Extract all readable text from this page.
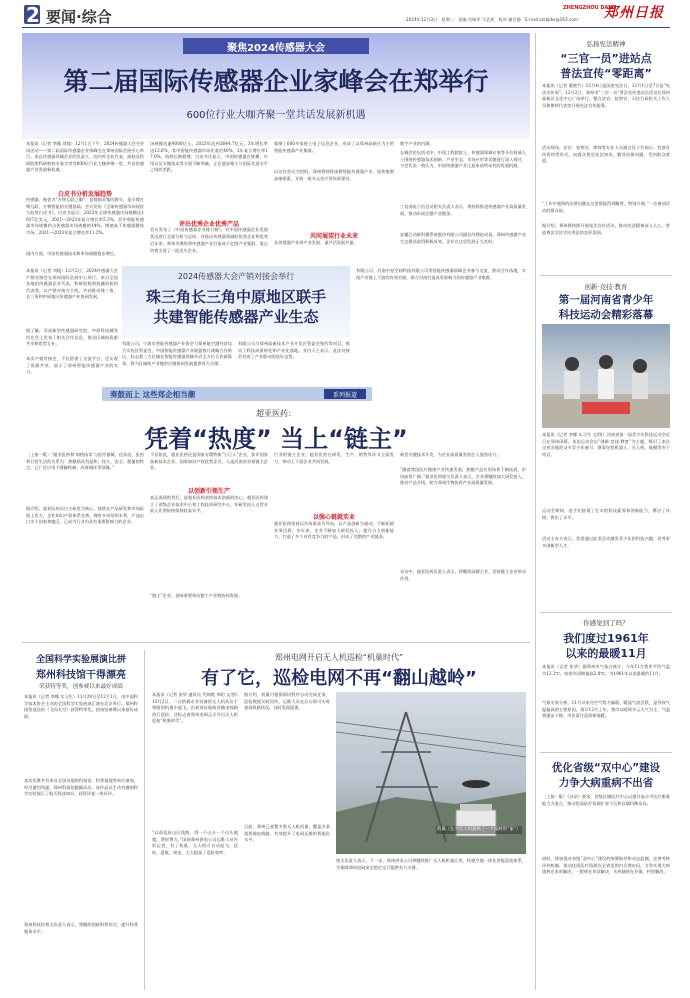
2 要闻·综合	ZHENGZHOU DAILY
郑州日报
2024年12月3日　星期二　责编 肖瑞华 马艺欢　校对 谢会静　E-mail:zzrbjlbs@163.com
聚焦2024传感器大会
第二届国际传感器企业家峰会在郑举行
600位行业大咖齐聚一堂共话发展新机遇
本报讯（记者 李娜 刘地）12月1日下午，2024传感器大会分会场活动——第二届国际传感器企业家峰会在郑州国际会展中心举行。来自传感器领域企业的负责人、国内外企业代表、高校及科研院所科研机构专家学者等600位行业大咖齐聚一堂，共话传感器产业发展新机遇。
白皮书分析发展趋势
传感器，被誉为“万物互联之眼”，是数据采集的源头，是支撑万物互联、万物智能的关键基础。会议发布《全球传感器市场现状与趋势白皮书》，白皮书显示，2023年全球传感器市场规模达1937亿美元，2021—2023年复合增长率5.3%，其中智能传感器市场规模约占传感器市场规模的14%，增速高于传感器整体市场，2021—2023年复合增长率11.2%。
国内方面，中国传感器技术和市场规模稳步增长。
场规模达逾4000亿元，2023年达到3644.7亿元，3年增长率达13.6%，其中智能传感器市场比重近40%，3年复合增长率17.0%，持续长期稳增，白皮书还显示，中国传感器在规模、应用以及关键技术等方面不断突破，正在逐步缩小与国际先进水平之间的差距。
评出优秀企业优秀产品
会议发布了《中国传感器企业排行榜》，对中国传感器企业发展状况进行全面分析与总结，评选出传感器领域的优秀企业和优秀
近年来，郑州市聚焦将传感器产业打造成千亿级产业集群，重点培育引进了一批龙头企业。
集聚了600多家规上电子信息企业，形成了以郑州高新区为主的智能传感器产业集群。
以这次会议为契机，郑州将持续深耕智能传感器产业，加快集聚高端要素，开展一批多元化应用场景建设。
共同展望行业未来
从传感器产业到产业发展，谋共话发展共谋。
数字产业的内涵。
在峰会论坛活动中，中国工程院院士、传感器领域专家等多位权威人士围绕传感器技术创新、产业生态、市场应用等话题进行深入探讨，与会代表一致认为，中国传感器产业正迎来前所未有的发展机遇。
工信部电子信息司相关负责人表示，将持续推进传感器产业高质量发展，推动形成完整产业链条。
安徽芯动联科微系统股份有限公司副总经理赵成说，郑州传感器产业生态建设取得积极成效，企业在这里发展正当其时。
本报讯（记者 刘地）12月2日，2024传感器大会产销对接会在郑州国际会展中心举行。来自全国各地的传感器企业代表、科研院校和投融资机构代表等，以产销对接为主线，共同推动珠三角、长三角和中原地区传感器产业协同发展。
据了解，河南新型传感器研究院、中原科技城等均在会上发布了相关合作信息，推动区域间资源共享和优势互补。
本次产销对接会，不仅搭建了交流平台，还实现了资源共享，展示了郑州智能传感器产业的实力。
2024传感器大会产销对接会举行
珠三角长三角中原地区联手
共建智能传感器产业生态
有限公司、宁波市智能传感器产业协会与郑州航空港经济综合实验区管委会、中国智能传感器产业联盟签订战略合作协议，标志着三大区域在智能传感器领域开启全方位合作新篇章，将为区域间产业链供应链协同发展提供有力支撑。
有限公司与郑州高新技术产业开发区管委会签约等项目，推动了科技成果转化和产业化落地。业内人士表示，此次对接会形成了产业联动的良好态势。
有限公司、河南中星空间科技有限公司等智能传感器领域企业参与交流，推动合作落地，实现产业链上下游的有效对接，助力河南打造具有影响力的传感器产业集群。
奏鼓而上 这些郑企相当潮	系列报道
超亚医药：
凭着“热度” 当上“链主”
〔上接一版〕“超亚医药和‘知热技术’与医疗器械，化妆品，医药和日常生活的关系为：热敷贴具有温和、持久、安全、便捷的特点，已广泛应用于缓解疼痛、改善循环等领域。”
据介绍，超亚医药以自主研发为核心，持续在产品研发和市场拓展上发力，企业知识产权体系完善，拥有多项发明专利，产品出口多个国家和地区，已成为行业内具有重要影响力的企业。
不仅如此，超亚医药还是国家专精特新“小巨人”企业，获评国家高新技术企业，国家知识产权优势企业，入选河南省首家链主企业。
以创新引领生产
真正成绩的背后，是超亚医药坚持技术创新的决心。超亚医药建立了省级企业技术中心和工程技术研究中心，年研发投入占营业收入比例始终保持较高水平。
“链主”企业，意味着要带动整个产业链协同发展。
行业的链主企业，超亚医药在研发、生产、销售等环节全面发力，带动上下游企业共同发展。
以强心链就实业
超亚医药坚持以市场需求为导向，以产品创新为驱动，不断拓展业务边界。多年来，企业不断加大研发投入，提升自主创新能力，打造了多个具有竞争力的产品，形成了完整的产业链条。
新型关键技术开发，为企业高质量发展注入强劲动力。
“随着我国医疗健康产业快速发展，热敷产品应用场景不断拓展，市场前景广阔。”超亚医药相关负责人表示，企业将继续加大研发投入，推动产品升级，助力郑州生物医药产业高质量发展。
采访中，超亚医药负责人表示，将继续深耕主业，发挥链主企业带动作用。
全国科学实验展演比拼
郑州科技馆干得漂亮
荣获特等奖，创参赛以来最好成绩
本报讯（记者 李娜 实习生）11月29日至12月1日，由中国科学技术协会主办的全国科学实验展演汇演在北京举行。郑州科技馆选送的《飞向太空》获得特等奖，创该馆参赛以来最好成绩。
本次比赛共有来自全国各地的科技馆、科普基地等单位参加，经过激烈角逐，郑州科技馆脱颖而出。该作品以生动有趣的科学实验展示了航天科技知识，获得评委一致好评。
郑州科技馆相关负责人表示，将继续创新科普形式，提升科普服务水平。
郑州电网开启无人机巡检“机巢时代”
有了它，巡检电网不再“翻山越岭”
本报讯（记者 张华 通讯员 代锦霞 李阳 文/图）12月2日，一台搭载专业设备的无人机从位于荥阳的机巢中起飞，沿着预设航线对输电线路进行巡检，这标志着郑州电网正式开启无人机巡检“机巢时代”。
“以前巡检山区线路，得一个山头一个山头地爬，费时费力。”国网郑州供电公司运维人员告诉记者，有了机巢，无人机可自动起飞、巡检、返航、充电，大大提高了巡检效率。
据介绍，机巢可根据预设程序自动完成任务，巡检数据实时回传，运维人员在后台即可实时查看线路状况，及时发现隐患。
目前，郑州已部署多套无人机机巢，覆盖多条重要输电线路，有效提升了电网运维的智能化水平。
机巢（左为无人机提供了一个临时的“家”）
相关负责人表示，下一步，郑州供电公司将继续推广无人机机巢应用，构建空地一体化智能巡检体系，为保障郑州电网安全稳定运行提供有力支撑。
弘扬宪法精神
“三官一员”进站点
普法宣传“零距离”
本报讯（记者 董艳竹）12月4日是国家宪法日，12月1日至7日是“宪法宣传周”。12月2日，郑州市“三官一员”普法宣传进站点活动在郑州高新区文化中心广场举行，整合法官、检察官、司法行政机关工作人员和律师代表等开展宪法宣传服务。
活动现场，法官、检察官、律师等专业人员通过设立咨询台、发放宣传资料等形式，向群众普及宪法知识，解答法律问题，受到群众欢迎。
“工作中遇到的法律问题在这里都能得到解答，特别方便。”一位参加活动的群众说。
据介绍，郑州将持续开展宪法宣传活动，推动宪法精神深入人心，营造尊法学法守法用法的良好氛围。
创新·竞技·教育
第一届河南省青少年
科技运动会精彩落幕
本报讯（记者 李娜 实习生 文/图）河南省第一届青少年科技运动会近日在郑州闭幕。本次运动会以“创新·竞技·教育”为主题，吸引了来自全省各地的众多青少年参与，赛事包括机器人、无人机、航模等多个项目。
运动会期间，选手们展现了扎实的科技素养和创新能力，赛出了风格、赛出了水平。
活动主办方表示，希望通过此类活动激发青少年的科技兴趣，培养更多创新型人才。
你感觉到了吗？
我们度过1961年
以来的最暖11月
本报讯（记者 张华）据郑州市气象台统计，今年11月我市平均气温为12.3℃，较常年同期偏高2.8℃，为1961年以来最暖的11月。
气象专家分析，11月以来冷空气势力偏弱，暖湿气流活跃，是导致气温偏高的主要原因。预计12月上旬，我市以晴到多云天气为主，气温将逐步下降，市民需注意防寒保暖。
优化省级“双中心”建设
力争大病重病不出省
〔上接一版〕《办法》要求，省级区域医疗中心以提升高水平医疗服务能力为重点，推动优质医疗资源扩容下沉和区域均衡布局。
同时，将加强对省级“双中心”建设的统筹指导和动态监测，完善考核评价机制，推动优质医疗资源在全省范围内合理布局，力争实现大病重病在本省解决，一般病在市县解决，头疼脑热在乡镇、村里解决。
